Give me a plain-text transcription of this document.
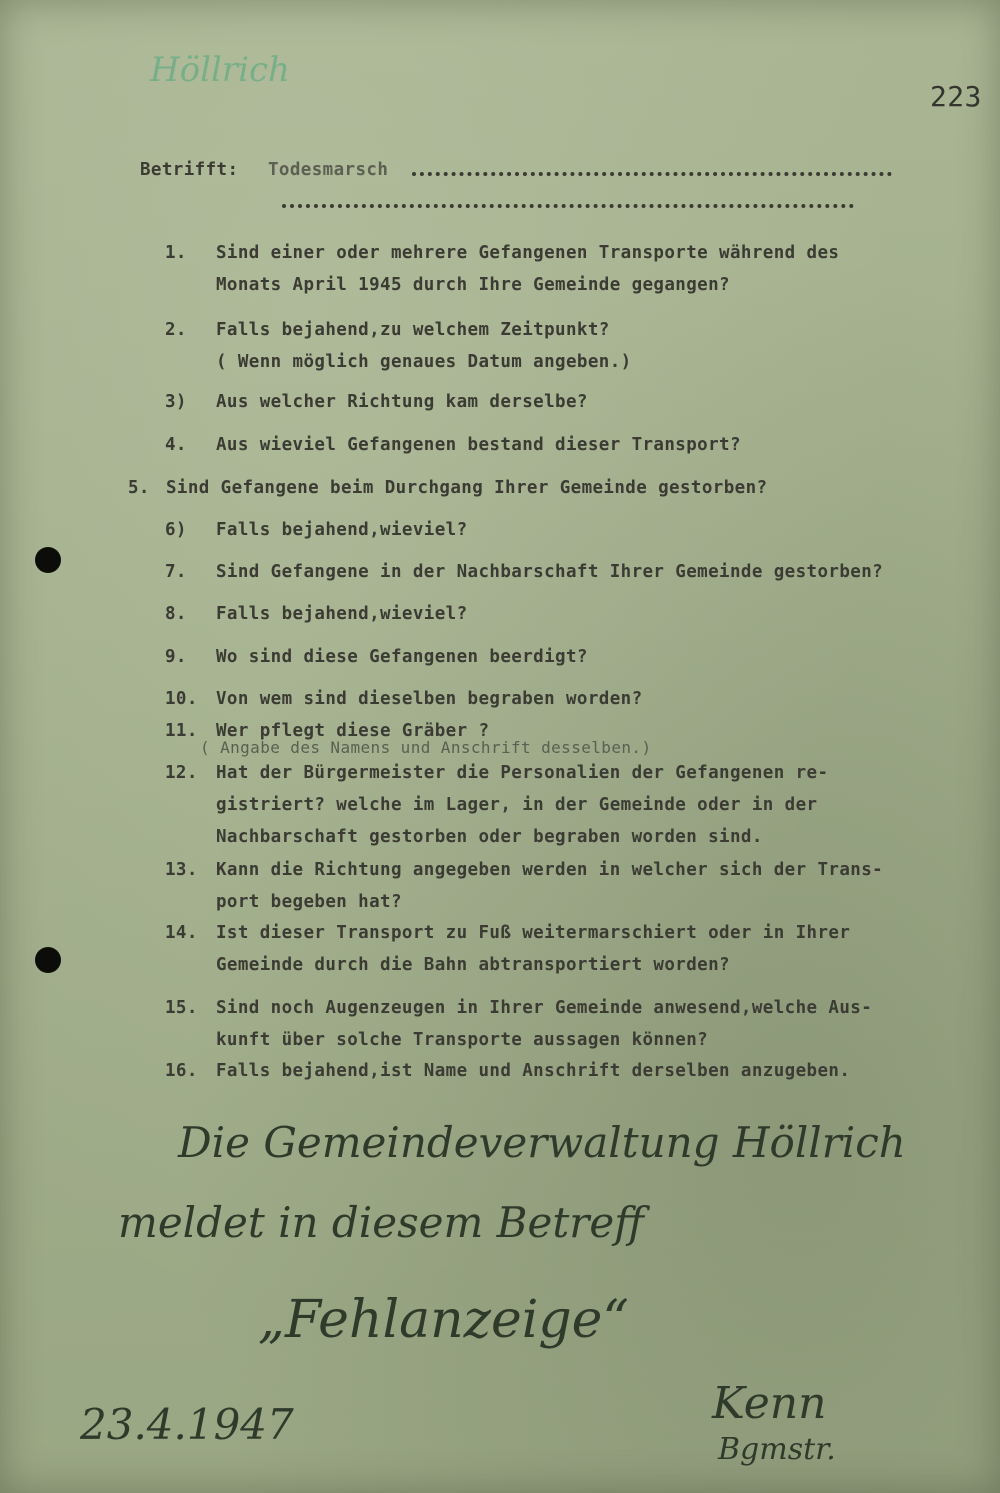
Höllrich
223
Betrifft: Todesmarsch
1. Sind einer oder mehrere Gefangenen Transporte während des
Monats April 1945 durch Ihre Gemeinde gegangen?
2. Falls bejahend,zu welchem Zeitpunkt?
( Wenn möglich genaues Datum angeben.)
3) Aus welcher Richtung kam derselbe?
4. Aus wieviel Gefangenen bestand dieser Transport?
5. Sind Gefangene beim Durchgang Ihrer Gemeinde gestorben?
6) Falls bejahend,wieviel?
7. Sind Gefangene in der Nachbarschaft Ihrer Gemeinde gestorben?
8. Falls bejahend,wieviel?
9. Wo sind diese Gefangenen beerdigt?
10. Von wem sind dieselben begraben worden?
11. Wer pflegt diese Gräber ?
( Angabe des Namens und Anschrift desselben.)
12. Hat der Bürgermeister die Personalien der Gefangenen re-
gistriert? welche im Lager, in der Gemeinde oder in der
Nachbarschaft gestorben oder begraben worden sind.
13. Kann die Richtung angegeben werden in welcher sich der Trans-
port begeben hat?
14. Ist dieser Transport zu Fuß weitermarschiert oder in Ihrer
Gemeinde durch die Bahn abtransportiert worden?
15. Sind noch Augenzeugen in Ihrer Gemeinde anwesend,welche Aus-
kunft über solche Transporte aussagen können?
16. Falls bejahend,ist Name und Anschrift derselben anzugeben.
Die Gemeindeverwaltung Höllrich
meldet in diesem Betreff
„Fehlanzeige“
23.4.1947	Kenn
Bgmstr.
